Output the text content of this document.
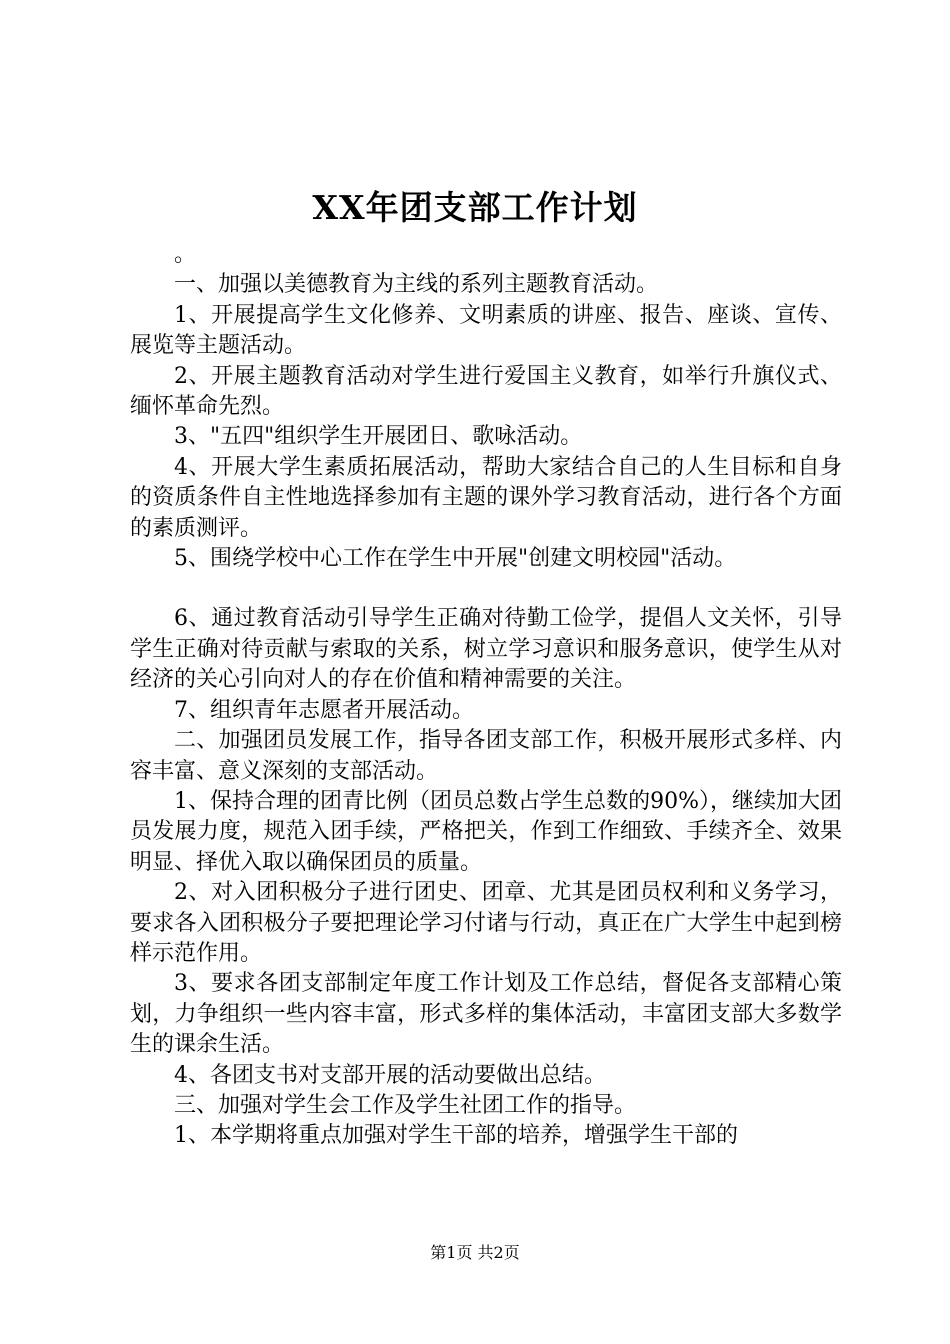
XX年团支部工作计划

。

一、加强以美德教育为主线的系列主题教育活动。

1、开展提高学生文化修养、文明素质的讲座、报告、座谈、宣传、展览等主题活动。

2、开展主题教育活动对学生进行爱国主义教育，如举行升旗仪式、缅怀革命先烈。

3、"五四"组织学生开展团日、歌咏活动。

4、开展大学生素质拓展活动，帮助大家结合自己的人生目标和自身的资质条件自主性地选择参加有主题的课外学习教育活动，进行各个方面的素质测评。

5、围绕学校中心工作在学生中开展"创建文明校园"活动。

6、通过教育活动引导学生正确对待勤工俭学，提倡人文关怀，引导学生正确对待贡献与索取的关系，树立学习意识和服务意识，使学生从对经济的关心引向对人的存在价值和精神需要的关注。

7、组织青年志愿者开展活动。

二、加强团员发展工作，指导各团支部工作，积极开展形式多样、内容丰富、意义深刻的支部活动。

1、保持合理的团青比例（团员总数占学生总数的90%），继续加大团员发展力度，规范入团手续，严格把关，作到工作细致、手续齐全、效果明显、择优入取以确保团员的质量。

2、对入团积极分子进行团史、团章、尤其是团员权利和义务学习，要求各入团积极分子要把理论学习付诸与行动，真正在广大学生中起到榜样示范作用。

3、要求各团支部制定年度工作计划及工作总结，督促各支部精心策划，力争组织一些内容丰富，形式多样的集体活动，丰富团支部大多数学生的课余生活。

4、各团支书对支部开展的活动要做出总结。

三、加强对学生会工作及学生社团工作的指导。

1、本学期将重点加强对学生干部的培养，增强学生干部的

第1页 共2页
